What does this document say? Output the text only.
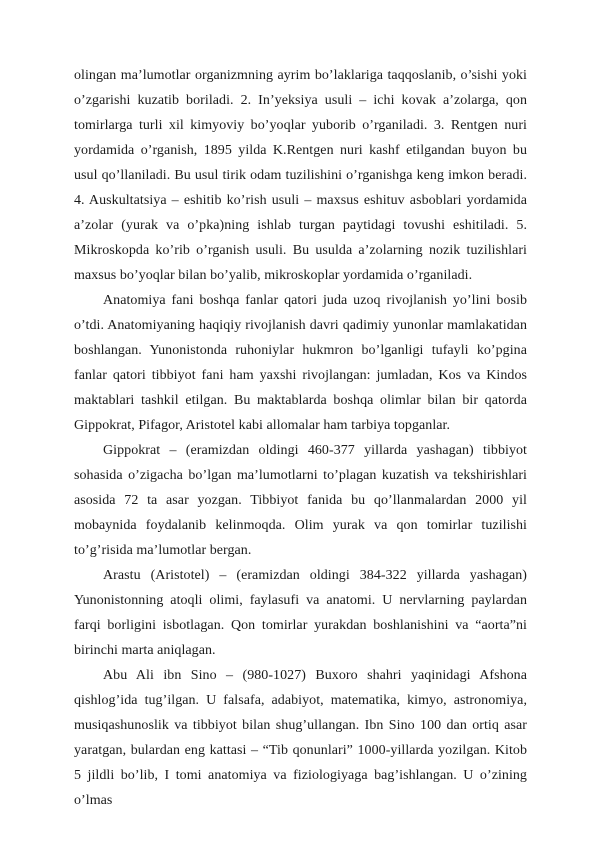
olingan ma’lumotlar organizmning ayrim bo’laklariga taqqoslanib, o’sishi yoki o’zgarishi kuzatib boriladi. 2. In’yeksiya usuli – ichi kovak a’zolarga, qon tomirlarga turli xil kimyoviy bo’yoqlar yuborib o’rganiladi. 3. Rentgen nuri yordamida o’rganish, 1895 yilda K.Rentgen nuri kashf etilgandan buyon bu usul qo’llaniladi. Bu usul tirik odam tuzilishini o’rganishga keng imkon beradi. 4. Auskultatsiya – eshitib ko’rish usuli – maxsus eshituv asboblari yordamida a’zolar (yurak va o’pka)ning ishlab turgan paytidagi tovushi eshitiladi. 5. Mikroskopda ko’rib o’rganish usuli. Bu usulda a’zolarning nozik tuzilishlari maxsus bo’yoqlar bilan bo’yalib, mikroskoplar yordamida o’rganiladi.

Anatomiya fani boshqa fanlar qatori juda uzoq rivojlanish yo’lini bosib o’tdi. Anatomiyaning haqiqiy rivojlanish davri qadimiy yunonlar mamlakatidan boshlangan. Yunonistonda ruhoniylar hukmron bo’lganligi tufayli ko’pgina fanlar qatori tibbiyot fani ham yaxshi rivojlangan: jumladan, Kos va Kindos maktablari tashkil etilgan. Bu maktablarda boshqa olimlar bilan bir qatorda Gippokrat, Pifagor, Aristotel kabi allomalar ham tarbiya topganlar.

Gippokrat – (eramizdan oldingi 460-377 yillarda yashagan) tibbiyot sohasida o’zigacha bo’lgan ma’lumotlarni to’plagan kuzatish va tekshirishlari asosida 72 ta asar yozgan. Tibbiyot fanida bu qo’llanmalardan 2000 yil mobaynida foydalanib kelinmoqda. Olim yurak va qon tomirlar tuzilishi to’g’risida ma’lumotlar bergan.

Arastu (Aristotel) – (eramizdan oldingi 384-322 yillarda yashagan) Yunonistonning atoqli olimi, faylasufi va anatomi. U nervlarning paylardan farqi borligini isbotlagan. Qon tomirlar yurakdan boshlanishini va “aorta”ni birinchi marta aniqlagan.

Abu Ali ibn Sino – (980-1027) Buxoro shahri yaqinidagi Afshona qishlog’ida tug’ilgan. U falsafa, adabiyot, matematika, kimyo, astronomiya, musiqashunoslik va tibbiyot bilan shug’ullangan. Ibn Sino 100 dan ortiq asar yaratgan, bulardan eng kattasi – “Tib qonunlari” 1000-yillarda yozilgan. Kitob 5 jildli bo’lib, I tomi anatomiya va fiziologiyaga bag’ishlangan. U o’zining o’lmas
